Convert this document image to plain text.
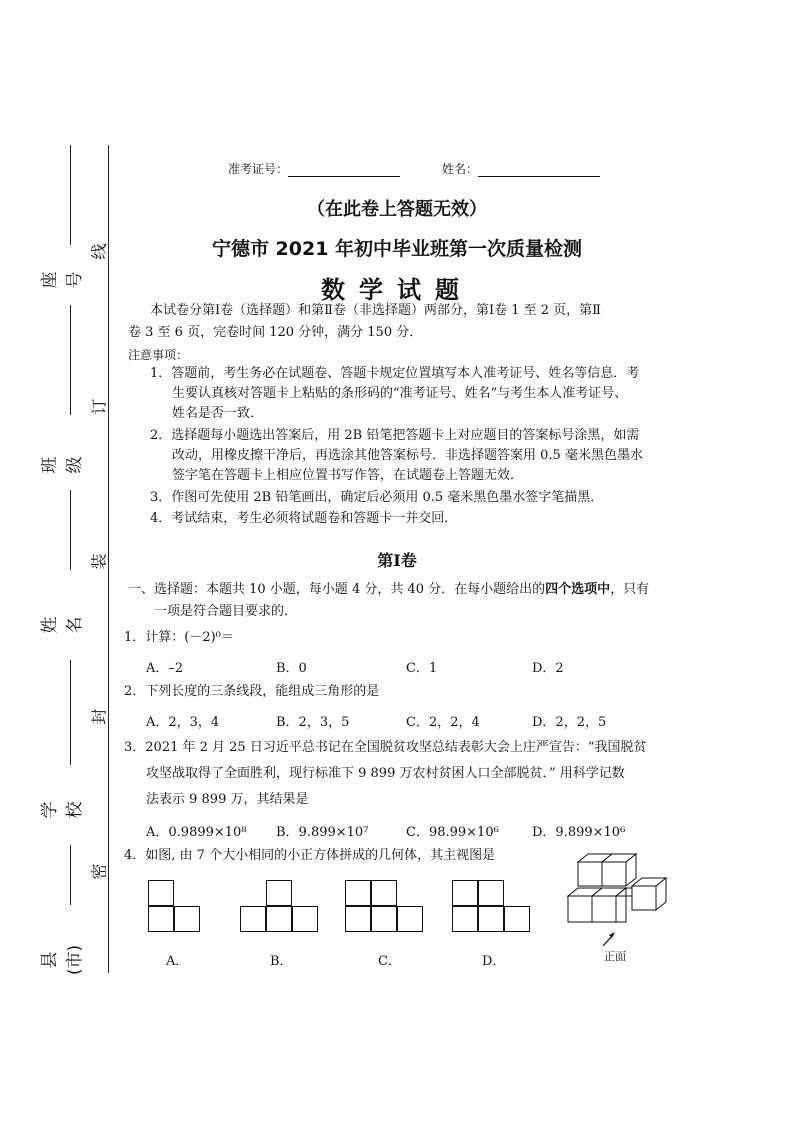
座号
班级
姓名
学校
县(市)
线
订
装
封
密
准考证号：	姓名：
（在此卷上答题无效）
宁德市 2021 年初中毕业班第一次质量检测
数学试题
本试卷分第Ⅰ卷（选择题）和第Ⅱ卷（非选择题）两部分，第Ⅰ卷 1 至 2 页，第Ⅱ
卷 3 至 6 页，完卷时间 120 分钟，满分 150 分．
注意事项：
1．答题前，考生务必在试题卷、答题卡规定位置填写本人准考证号、姓名等信息．考
生要认真核对答题卡上粘贴的条形码的“准考证号、姓名”与考生本人准考证号、
姓名是否一致．
2．选择题每小题选出答案后，用 2B 铅笔把答题卡上对应题目的答案标号涂黑，如需
改动，用橡皮擦干净后，再选涂其他答案标号．非选择题答案用 0.5 毫米黑色墨水
签字笔在答题卡上相应位置书写作答，在试题卷上答题无效．
3．作图可先使用 2B 铅笔画出，确定后必须用 0.5 毫米黑色墨水签字笔描黑．
4．考试结束，考生必须将试题卷和答题卡一并交回．
第Ⅰ卷
一、选择题：本题共 10 小题，每小题 4 分，共 40 分．在每小题给出的四个选项中，只有
一项是符合题目要求的．
1．计算：(－2)⁰＝
A．–2	B．0	C．1	D．2
2．下列长度的三条线段，能组成三角形的是
A．2，3，4	B．2，3，5	C．2，2，4	D．2，2，5
3．2021 年 2 月 25 日习近平总书记在全国脱贫攻坚总结表彰大会上庄严宣告：“我国脱贫
攻坚战取得了全面胜利，现行标准下 9 899 万农村贫困人口全部脱贫．” 用科学记数
法表示 9 899 万，其结果是
A．0.9899×10⁸ B．9.899×10⁷	C．98.99×10⁶	D．9.899×10⁶
4．如图, 由 7 个大小相同的小正方体拼成的几何体，其主视图是
A．	B．	C．	D．	正面
